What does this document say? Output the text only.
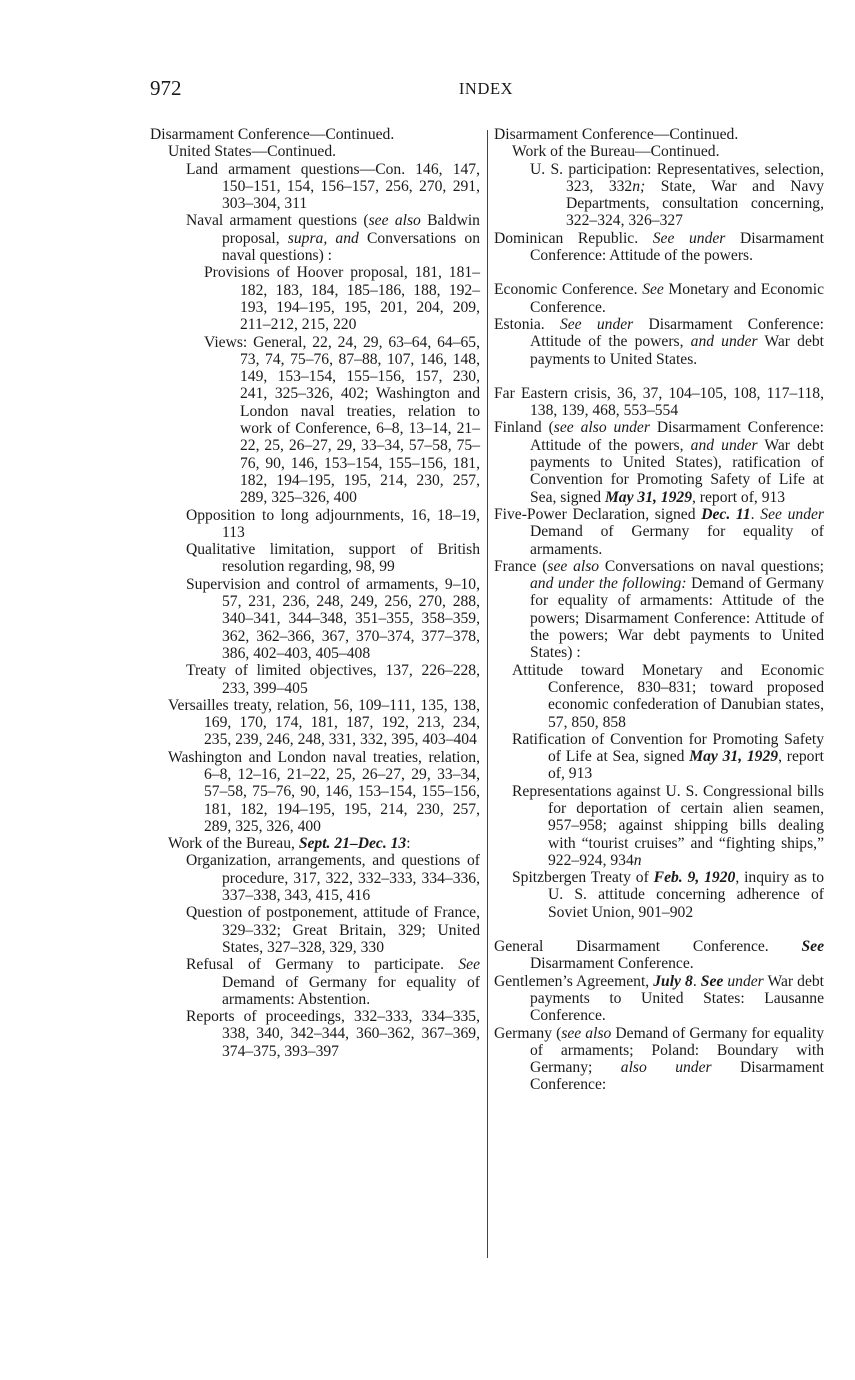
972	INDEX
Disarmament Conference—Continued.
United States—Continued.
Land armament questions—Con. 146, 147, 150–151, 154, 156–157, 256, 270, 291, 303–304, 311
Naval armament questions (see also Baldwin proposal, supra, and Conversations on naval questions) :
Provisions of Hoover proposal, 181, 181–182, 183, 184, 185–186, 188, 192–193, 194–195, 195, 201, 204, 209, 211–212, 215, 220
Views: General, 22, 24, 29, 63–64, 64–65, 73, 74, 75–76, 87–88, 107, 146, 148, 149, 153–154, 155–156, 157, 230, 241, 325–326, 402; Washington and London naval treaties, relation to work of Conference, 6–8, 13–14, 21–22, 25, 26–27, 29, 33–34, 57–58, 75–76, 90, 146, 153–154, 155–156, 181, 182, 194–195, 195, 214, 230, 257, 289, 325–326, 400
Opposition to long adjournments, 16, 18–19, 113
Qualitative limitation, support of British resolution regarding, 98, 99
Supervision and control of armaments, 9–10, 57, 231, 236, 248, 249, 256, 270, 288, 340–341, 344–348, 351–355, 358–359, 362, 362–366, 367, 370–374, 377–378, 386, 402–403, 405–408
Treaty of limited objectives, 137, 226–228, 233, 399–405
Versailles treaty, relation, 56, 109–111, 135, 138, 169, 170, 174, 181, 187, 192, 213, 234, 235, 239, 246, 248, 331, 332, 395, 403–404
Washington and London naval treaties, relation, 6–8, 12–16, 21–22, 25, 26–27, 29, 33–34, 57–58, 75–76, 90, 146, 153–154, 155–156, 181, 182, 194–195, 195, 214, 230, 257, 289, 325, 326, 400
Work of the Bureau, Sept. 21–Dec. 13:
Organization, arrangements, and questions of procedure, 317, 322, 332–333, 334–336, 337–338, 343, 415, 416
Question of postponement, attitude of France, 329–332; Great Britain, 329; United States, 327–328, 329, 330
Refusal of Germany to participate. See Demand of Germany for equality of armaments: Abstention.
Reports of proceedings, 332–333, 334–335, 338, 340, 342–344, 360–362, 367–369, 374–375, 393–397
Disarmament Conference—Continued.
Work of the Bureau—Continued.
U. S. participation: Representatives, selection, 323, 332n; State, War and Navy Departments, consultation concerning, 322–324, 326–327
Dominican Republic. See under Disarmament Conference: Attitude of the powers.
Economic Conference. See Monetary and Economic Conference.
Estonia. See under Disarmament Conference: Attitude of the powers, and under War debt payments to United States.
Far Eastern crisis, 36, 37, 104–105, 108, 117–118, 138, 139, 468, 553–554
Finland (see also under Disarmament Conference: Attitude of the powers, and under War debt payments to United States), ratification of Convention for Promoting Safety of Life at Sea, signed May 31, 1929, report of, 913
Five-Power Declaration, signed Dec. 11. See under Demand of Germany for equality of armaments.
France (see also Conversations on naval questions; and under the following: Demand of Germany for equality of armaments: Attitude of the powers; Disarmament Conference: Attitude of the powers; War debt payments to United States) :
Attitude toward Monetary and Economic Conference, 830–831; toward proposed economic confederation of Danubian states, 57, 850, 858
Ratification of Convention for Promoting Safety of Life at Sea, signed May 31, 1929, report of, 913
Representations against U. S. Congressional bills for deportation of certain alien seamen, 957–958; against shipping bills dealing with “tourist cruises” and “fighting ships,” 922–924, 934n
Spitzbergen Treaty of Feb. 9, 1920, inquiry as to U. S. attitude concerning adherence of Soviet Union, 901–902
General Disarmament Conference. See Disarmament Conference.
Gentlemen’s Agreement, July 8. See under War debt payments to United States: Lausanne Conference.
Germany (see also Demand of Germany for equality of armaments; Poland: Boundary with Germany; also under Disarmament Conference:
